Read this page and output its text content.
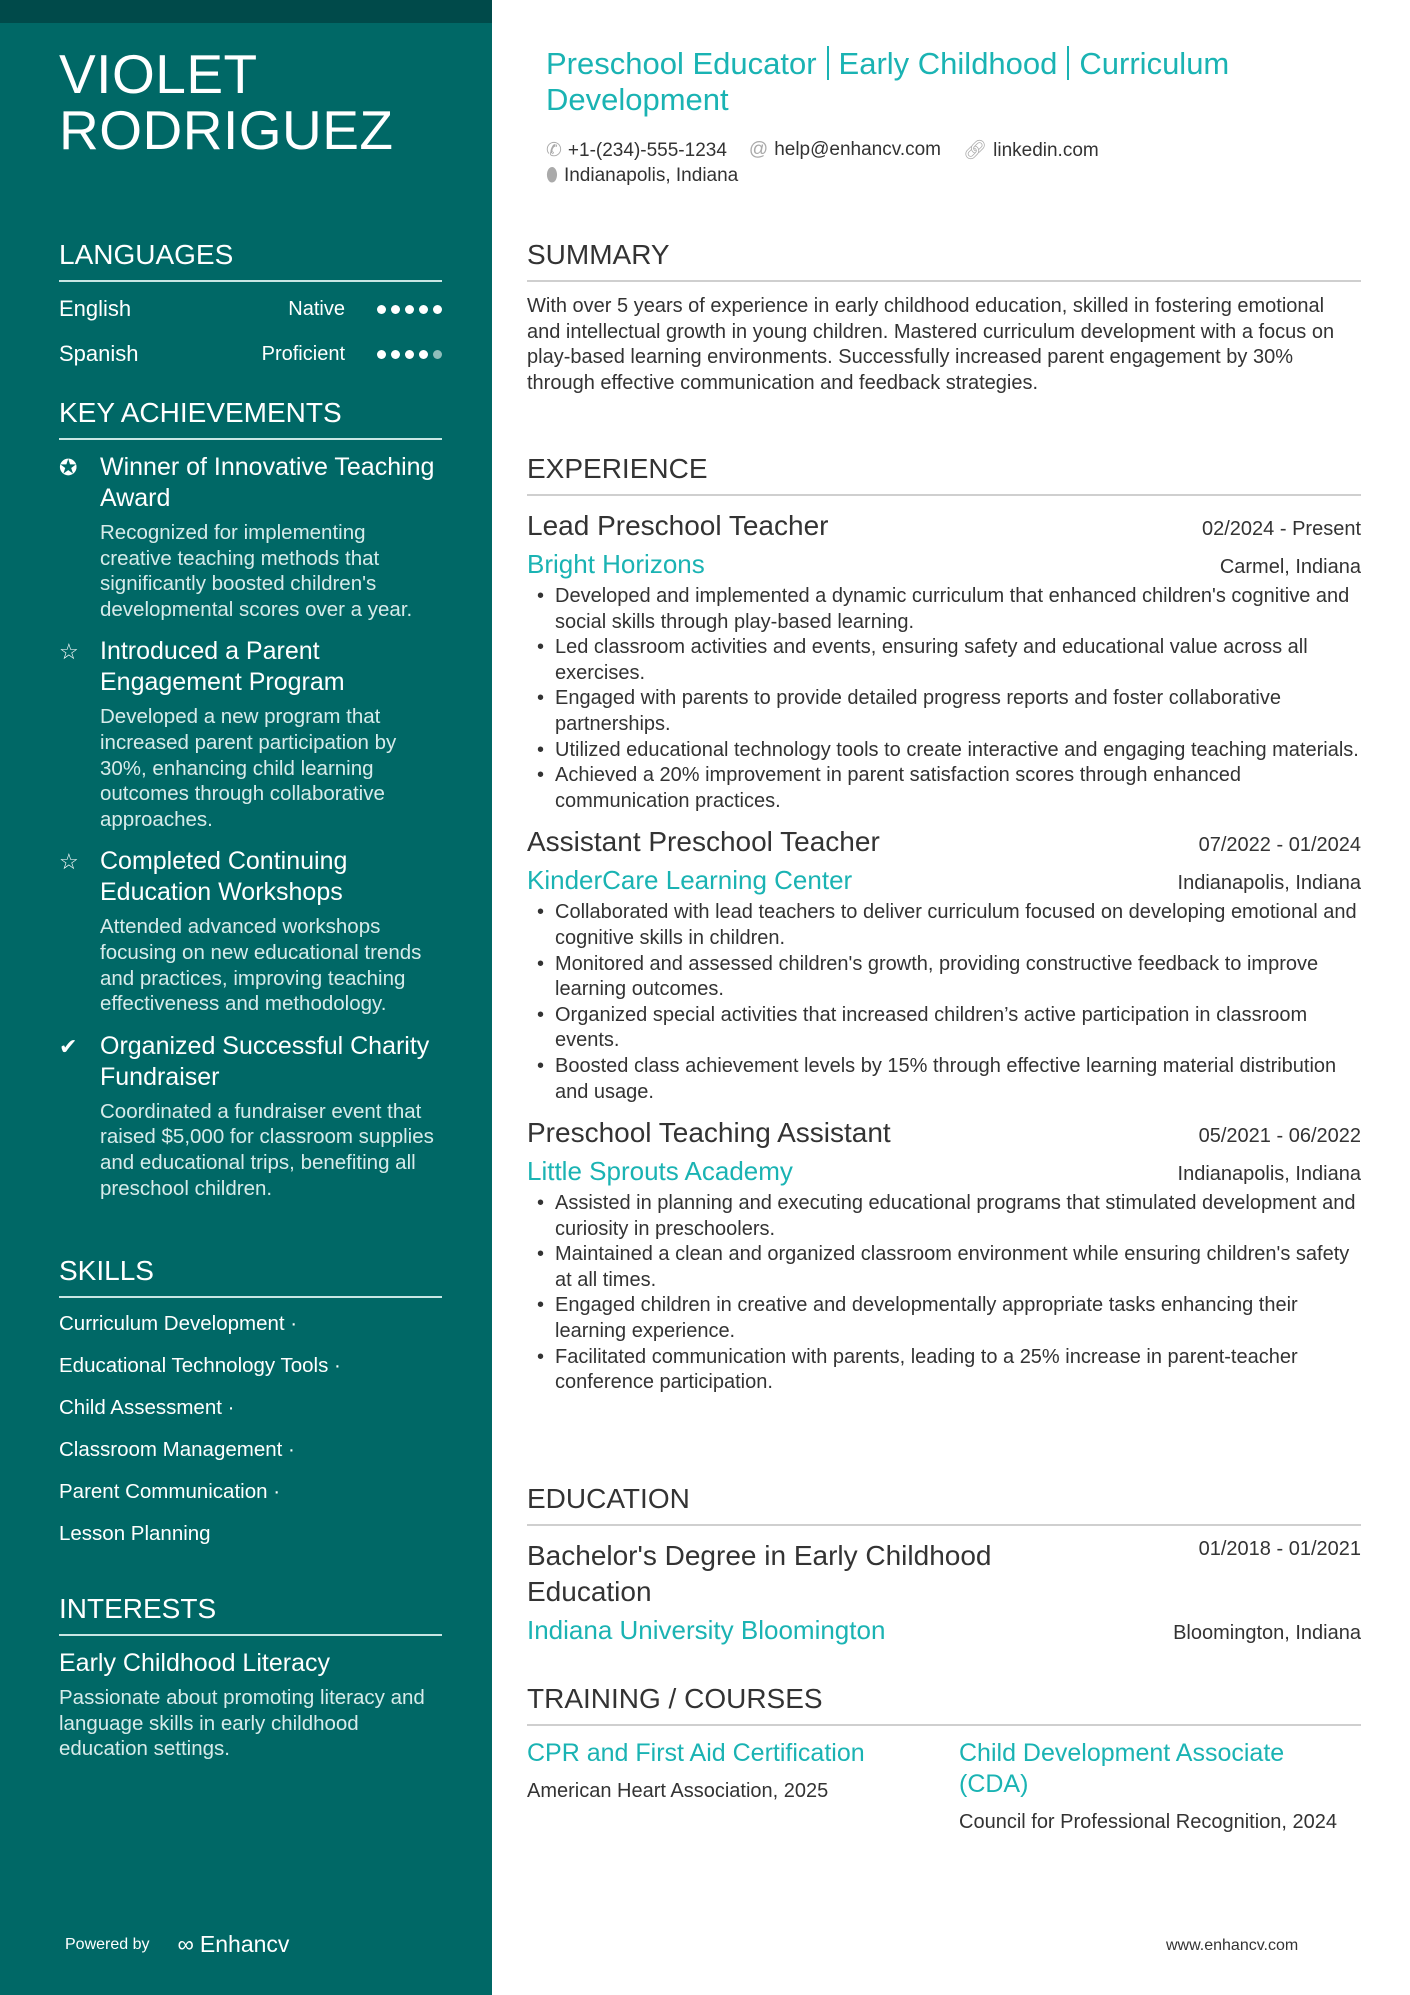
VIOLET
RODRIGUEZ
LANGUAGES
English	Native
Spanish	Proficient
KEY ACHIEVEMENTS
✪ Winner of Innovative Teaching Award
Recognized for implementing creative teaching methods that significantly boosted children's developmental scores over a year.
☆ Introduced a Parent Engagement Program
Developed a new program that increased parent participation by 30%, enhancing child learning outcomes through collaborative approaches.
☆ Completed Continuing Education Workshops
Attended advanced workshops focusing on new educational trends and practices, improving teaching effectiveness and methodology.
✔ Organized Successful Charity Fundraiser
Coordinated a fundraiser event that raised $5,000 for classroom supplies and educational trips, benefiting all preschool children.
SKILLS
Curriculum Development ·
Educational Technology Tools ·
Child Assessment ·
Classroom Management ·
Parent Communication ·
Lesson Planning
INTERESTS
Early Childhood Literacy
Passionate about promoting literacy and language skills in early childhood education settings.
Powered by ∞ Enhancv
Preschool Educator Early Childhood Curriculum Development
✆ +1-(234)-555-1234 @ help@enhancv.com 🔗︎ linkedin.com
⬮ Indianapolis, Indiana
SUMMARY
With over 5 years of experience in early childhood education, skilled in fostering emotional and intellectual growth in young children. Mastered curriculum development with a focus on play-based learning environments. Successfully increased parent engagement by 30% through effective communication and feedback strategies.
EXPERIENCE
Lead Preschool Teacher	02/2024 - Present
Bright Horizons	Carmel, Indiana
• Developed and implemented a dynamic curriculum that enhanced children's cognitive and social skills through play-based learning.
• Led classroom activities and events, ensuring safety and educational value across all exercises.
• Engaged with parents to provide detailed progress reports and foster collaborative partnerships.
• Utilized educational technology tools to create interactive and engaging teaching materials.
• Achieved a 20% improvement in parent satisfaction scores through enhanced communication practices.
Assistant Preschool Teacher	07/2022 - 01/2024
KinderCare Learning Center	Indianapolis, Indiana
• Collaborated with lead teachers to deliver curriculum focused on developing emotional and cognitive skills in children.
• Monitored and assessed children's growth, providing constructive feedback to improve learning outcomes.
• Organized special activities that increased children’s active participation in classroom events.
• Boosted class achievement levels by 15% through effective learning material distribution and usage.
Preschool Teaching Assistant	05/2021 - 06/2022
Little Sprouts Academy	Indianapolis, Indiana
• Assisted in planning and executing educational programs that stimulated development and curiosity in preschoolers.
• Maintained a clean and organized classroom environment while ensuring children's safety at all times.
• Engaged children in creative and developmentally appropriate tasks enhancing their learning experience.
• Facilitated communication with parents, leading to a 25% increase in parent-teacher conference participation.
EDUCATION
Bachelor's Degree in Early Childhood Education
01/2018 - 01/2021
Indiana University Bloomington	Bloomington, Indiana
TRAINING / COURSES
CPR and First Aid Certification
American Heart Association, 2025
Child Development Associate (CDA)
Council for Professional Recognition, 2024
www.enhancv.com
